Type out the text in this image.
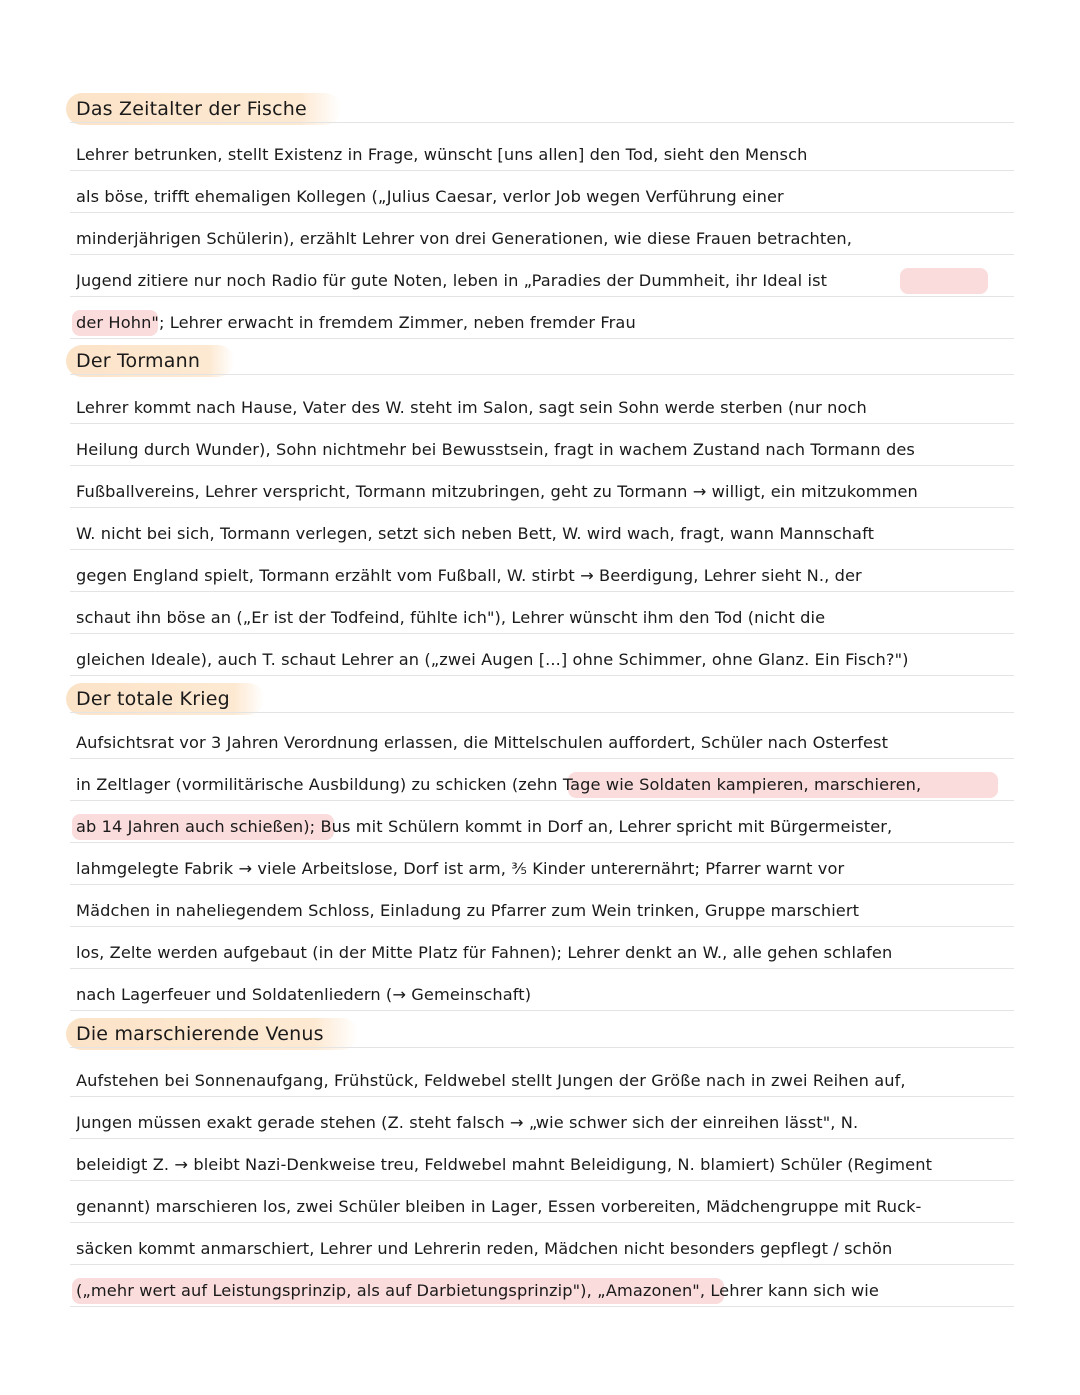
Das Zeitalter der Fische
Lehrer betrunken, stellt Existenz in Frage, wünscht [uns allen] den Tod, sieht den Mensch
als böse, trifft ehemaligen Kollegen („Julius Caesar, verlor Job wegen Verführung einer
minderjährigen Schülerin), erzählt Lehrer von drei Generationen, wie diese Frauen betrachten,
Jugend zitiere nur noch Radio für gute Noten, leben in „Paradies der Dummheit, ihr Ideal ist
der Hohn"; Lehrer erwacht in fremdem Zimmer, neben fremder Frau
Der Tormann
Lehrer kommt nach Hause, Vater des W. steht im Salon, sagt sein Sohn werde sterben (nur noch
Heilung durch Wunder), Sohn nichtmehr bei Bewusstsein, fragt in wachem Zustand nach Tormann des
Fußballvereins, Lehrer verspricht, Tormann mitzubringen, geht zu Tormann → willigt, ein mitzukommen
W. nicht bei sich, Tormann verlegen, setzt sich neben Bett, W. wird wach, fragt, wann Mannschaft
gegen England spielt, Tormann erzählt vom Fußball, W. stirbt → Beerdigung, Lehrer sieht N., der
schaut ihn böse an („Er ist der Todfeind, fühlte ich"), Lehrer wünscht ihm den Tod (nicht die
gleichen Ideale), auch T. schaut Lehrer an („zwei Augen [...] ohne Schimmer, ohne Glanz. Ein Fisch?")
Der totale Krieg
Aufsichtsrat vor 3 Jahren Verordnung erlassen, die Mittelschulen auffordert, Schüler nach Osterfest
in Zeltlager (vormilitärische Ausbildung) zu schicken (zehn Tage wie Soldaten kampieren, marschieren,
ab 14 Jahren auch schießen); Bus mit Schülern kommt in Dorf an, Lehrer spricht mit Bürgermeister,
lahmgelegte Fabrik → viele Arbeitslose, Dorf ist arm, ⅗ Kinder unterernährt; Pfarrer warnt vor
Mädchen in naheliegendem Schloss, Einladung zu Pfarrer zum Wein trinken, Gruppe marschiert
los, Zelte werden aufgebaut (in der Mitte Platz für Fahnen); Lehrer denkt an W., alle gehen schlafen
nach Lagerfeuer und Soldatenliedern (→ Gemeinschaft)
Die marschierende Venus
Aufstehen bei Sonnenaufgang, Frühstück, Feldwebel stellt Jungen der Größe nach in zwei Reihen auf,
Jungen müssen exakt gerade stehen (Z. steht falsch → „wie schwer sich der einreihen lässt", N.
beleidigt Z. → bleibt Nazi-Denkweise treu, Feldwebel mahnt Beleidigung, N. blamiert) Schüler (Regiment
genannt) marschieren los, zwei Schüler bleiben in Lager, Essen vorbereiten, Mädchengruppe mit Ruck-
säcken kommt anmarschiert, Lehrer und Lehrerin reden, Mädchen nicht besonders gepflegt / schön
(„mehr wert auf Leistungsprinzip, als auf Darbietungsprinzip"), „Amazonen", Lehrer kann sich wie
